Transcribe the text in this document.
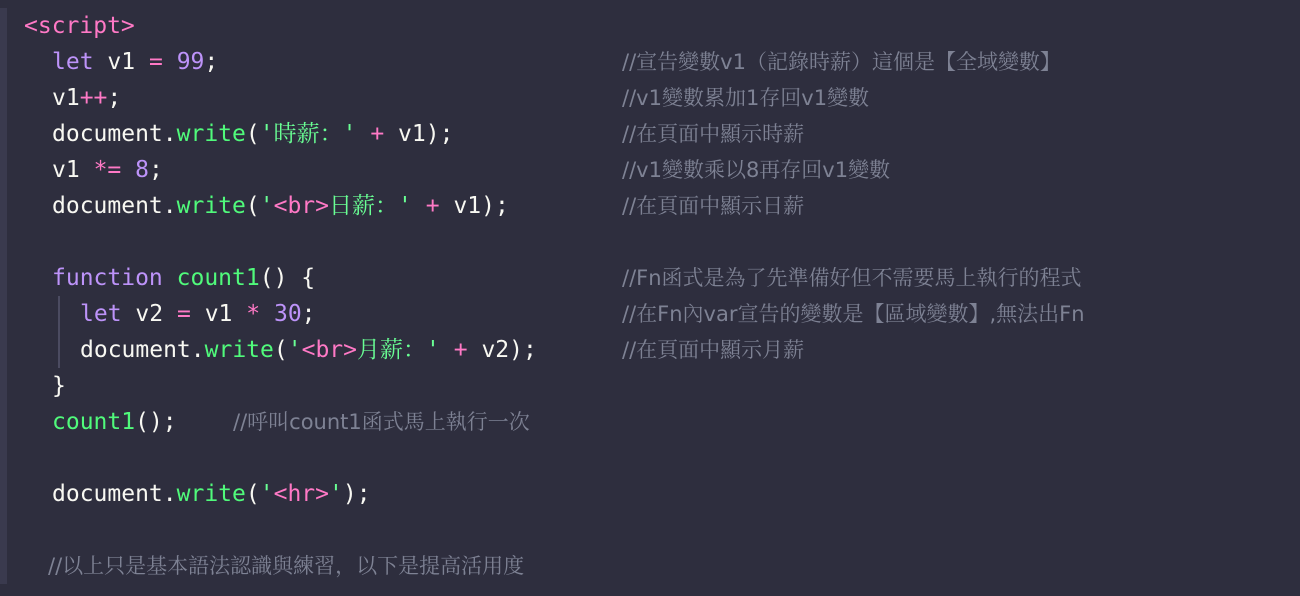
<script>
let v1 = 99;	//宣告變數v1（記錄時薪）這個是【全域變數】
v1++;	//v1變數累加1存回v1變數
document.write('時薪：' + v1);	//在頁面中顯示時薪
v1 *= 8;	//v1變數乘以8再存回v1變數
document.write('<br>日薪：' + v1);	//在頁面中顯示日薪
function count1() {	//Fn函式是為了先準備好但不需要馬上執行的程式
let v2 = v1 * 30;	//在Fn內var宣告的變數是【區域變數】,無法出Fn
document.write('<br>月薪：' + v2);	//在頁面中顯示月薪
}
count1();	//呼叫count1函式馬上執行一次
document.write('<hr>');
//以上只是基本語法認識與練習，以下是提高活用度
